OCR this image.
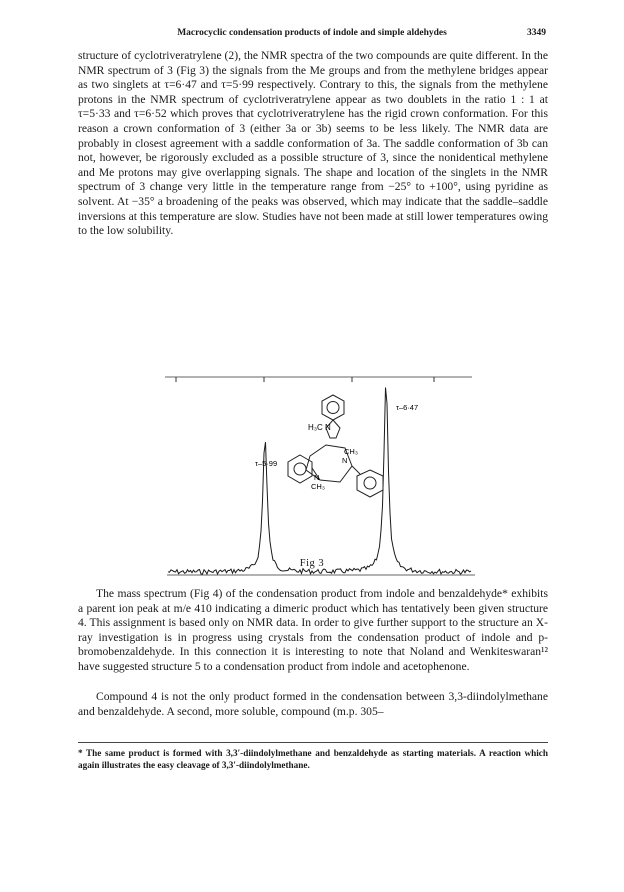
Macrocyclic condensation products of indole and simple aldehydes	3349

structure of cyclotriveratrylene (2), the NMR spectra of the two compounds are quite different. In the NMR spectrum of 3 (Fig 3) the signals from the Me groups and from the methylene bridges appear as two singlets at τ=6·47 and τ=5·99 respectively. Contrary to this, the signals from the methylene protons in the NMR spectrum of cyclotriveratrylene appear as two doublets in the ratio 1 : 1 at τ=5·33 and τ=6·52 which proves that cyclotriveratrylene has the rigid crown conformation. For this reason a crown conformation of 3 (either 3a or 3b) seems to be less likely. The NMR data are probably in closest agreement with a saddle conformation of 3a. The saddle conformation of 3b can not, however, be rigorously excluded as a possible structure of 3, since the nonidentical methylene and Me protons may give overlapping signals. The shape and location of the singlets in the NMR spectrum of 3 change very little in the temperature range from −25° to +100°, using pyridine as solvent. At −35° a broadening of the peaks was observed, which may indicate that the saddle–saddle inversions at this temperature are slow. Studies have not been made at still lower temperatures owing to the low solubility.

H₃C N
CH₃
N
N
CH₃
τ–6·47
τ–5·99
Fig 3

The mass spectrum (Fig 4) of the condensation product from indole and benzaldehyde* exhibits a parent ion peak at m/e 410 indicating a dimeric product which has tentatively been given structure 4. This assignment is based only on NMR data. In order to give further support to the structure an X-ray investigation is in progress using crystals from the condensation product of indole and p-bromobenzaldehyde. In this connection it is interesting to note that Noland and Wenkiteswaran¹² have suggested structure 5 to a condensation product from indole and acetophenone.

Compound 4 is not the only product formed in the condensation between 3,3-diindolylmethane and benzaldehyde. A second, more soluble, compound (m.p. 305–

* The same product is formed with 3,3′-diindolylmethane and benzaldehyde as starting materials. A reaction which again illustrates the easy cleavage of 3,3′-diindolylmethane.
